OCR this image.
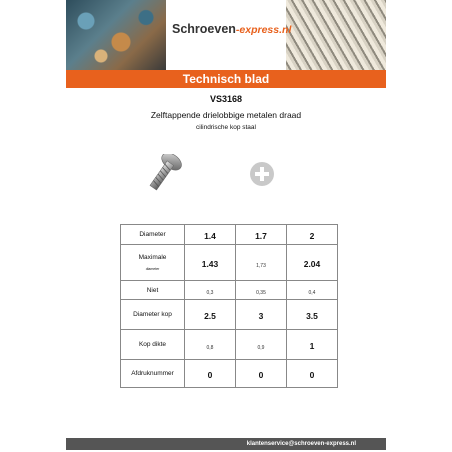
Schroeven-express.nl
Technisch blad
VS3168
Zelftappende drielobbige metalen draad
cilindrische kop staal
Diameter	1.4	1.7	2

Maximale
diameter	1.43	1,73	2.04

Niet	0,3	0,35	0,4

Diameter kop	2.5	3	3.5

Kop dikte	0,8	0,9	1

Afdruknummer	0	0	0
klantenservice@schroeven-express.nl
